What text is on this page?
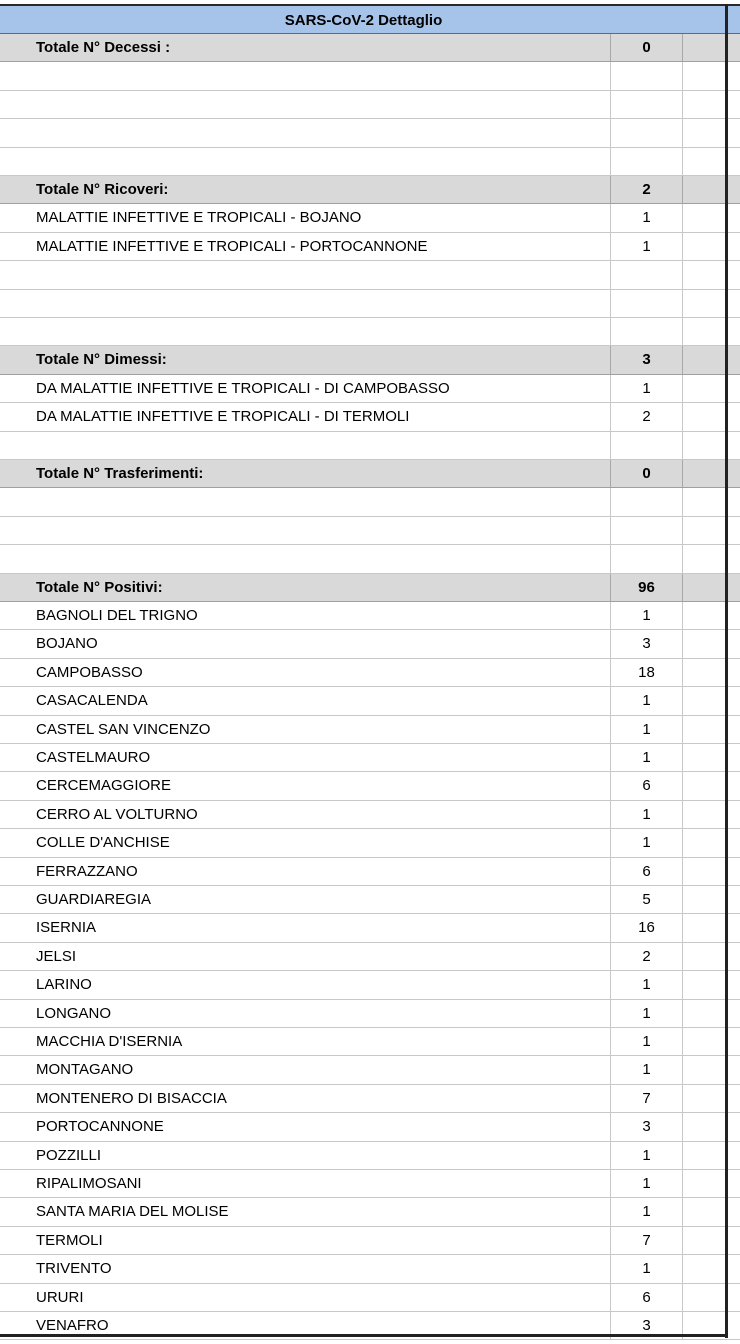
SARS-CoV-2 Dettaglio
Totale N° Decessi :	0
Totale N° Ricoveri:	2
MALATTIE INFETTIVE E TROPICALI - BOJANO	1
MALATTIE INFETTIVE E TROPICALI - PORTOCANNONE	1
Totale N° Dimessi:	3
DA MALATTIE INFETTIVE E TROPICALI - DI CAMPOBASSO	1
DA MALATTIE INFETTIVE E TROPICALI - DI TERMOLI	2
Totale N° Trasferimenti:	0
Totale N° Positivi:	96
BAGNOLI DEL TRIGNO	1
BOJANO	3
CAMPOBASSO	18
CASACALENDA	1
CASTEL SAN VINCENZO	1
CASTELMAURO	1
CERCEMAGGIORE	6
CERRO AL VOLTURNO	1
COLLE D'ANCHISE	1
FERRAZZANO	6
GUARDIAREGIA	5
ISERNIA	16
JELSI	2
LARINO	1
LONGANO	1
MACCHIA D'ISERNIA	1
MONTAGANO	1
MONTENERO DI BISACCIA	7
PORTOCANNONE	3
POZZILLI	1
RIPALIMOSANI	1
SANTA MARIA DEL MOLISE	1
TERMOLI	7
TRIVENTO	1
URURI	6
VENAFRO	3
